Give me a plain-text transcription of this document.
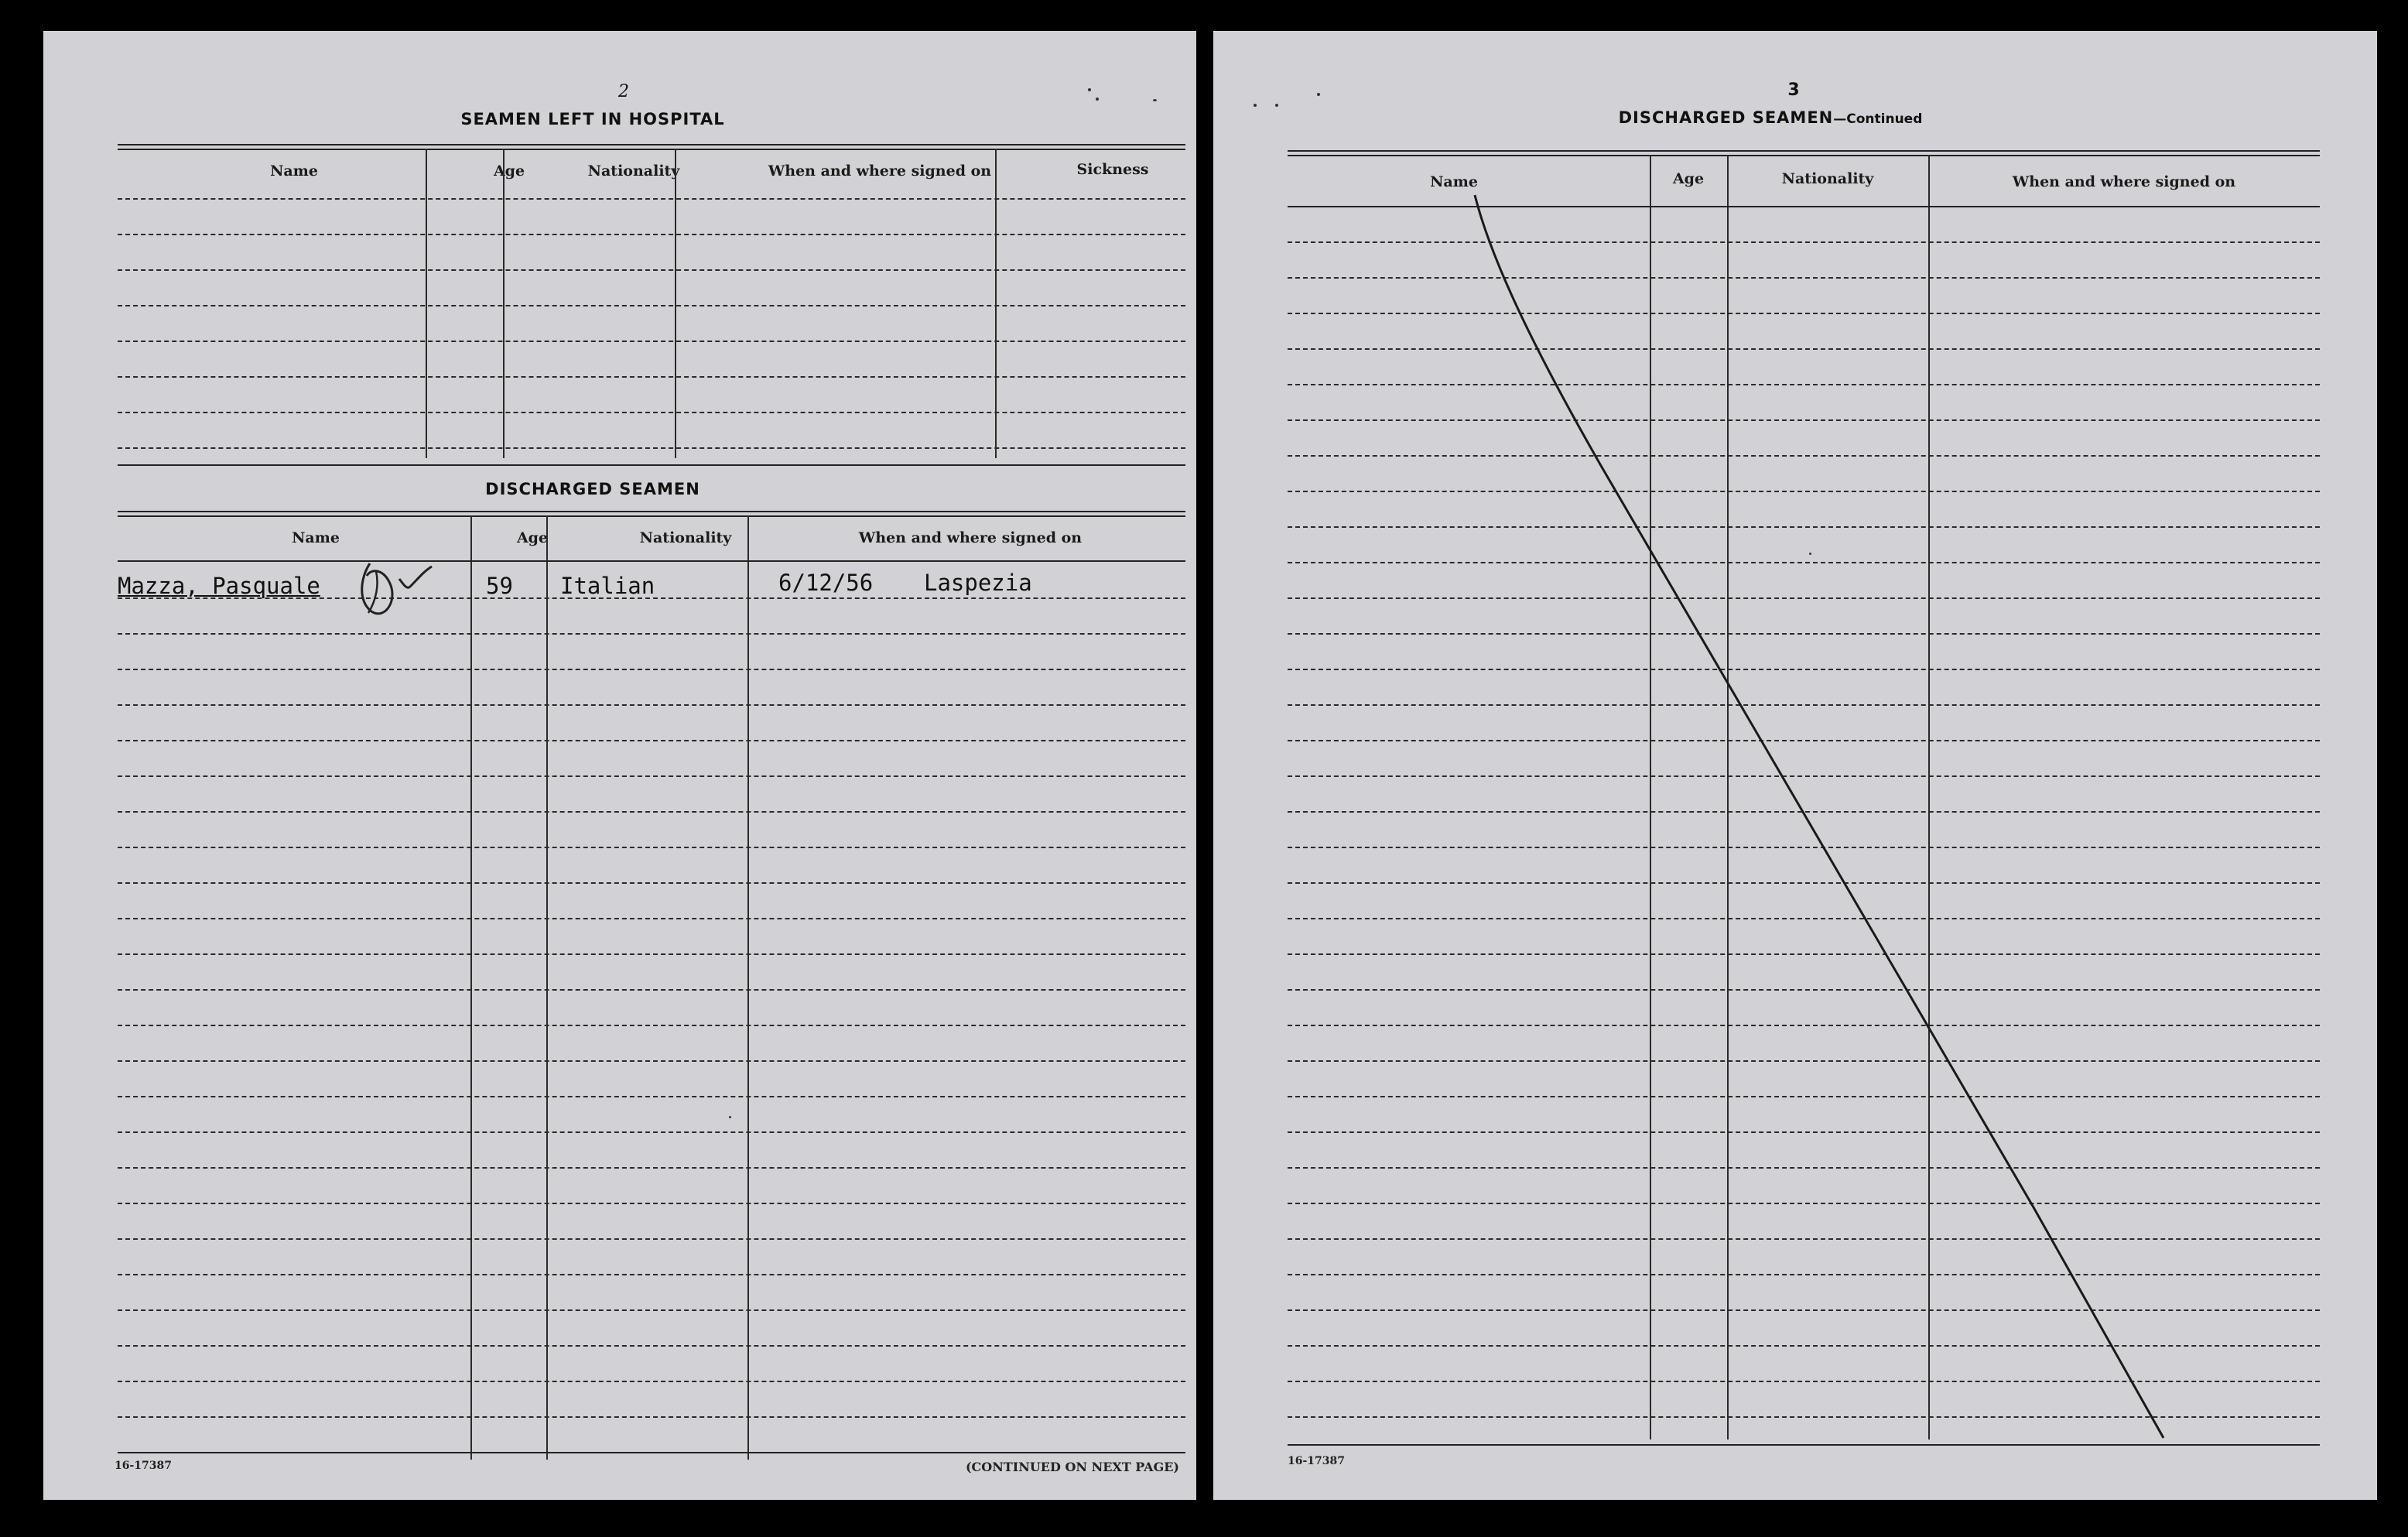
2
SEAMEN LEFT IN HOSPITAL
Name	Age	Nationality	When and where signed on	Sickness
DISCHARGED SEAMEN
Name	Age	Nationality	When and where signed on
Mazza, Pasquale	59 Italian	6/12/56 Laspezia
16-17387	(CONTINUED ON NEXT PAGE)
3
DISCHARGED SEAMEN—Continued
Name	Age	Nationality	When and where signed on
16-17387
